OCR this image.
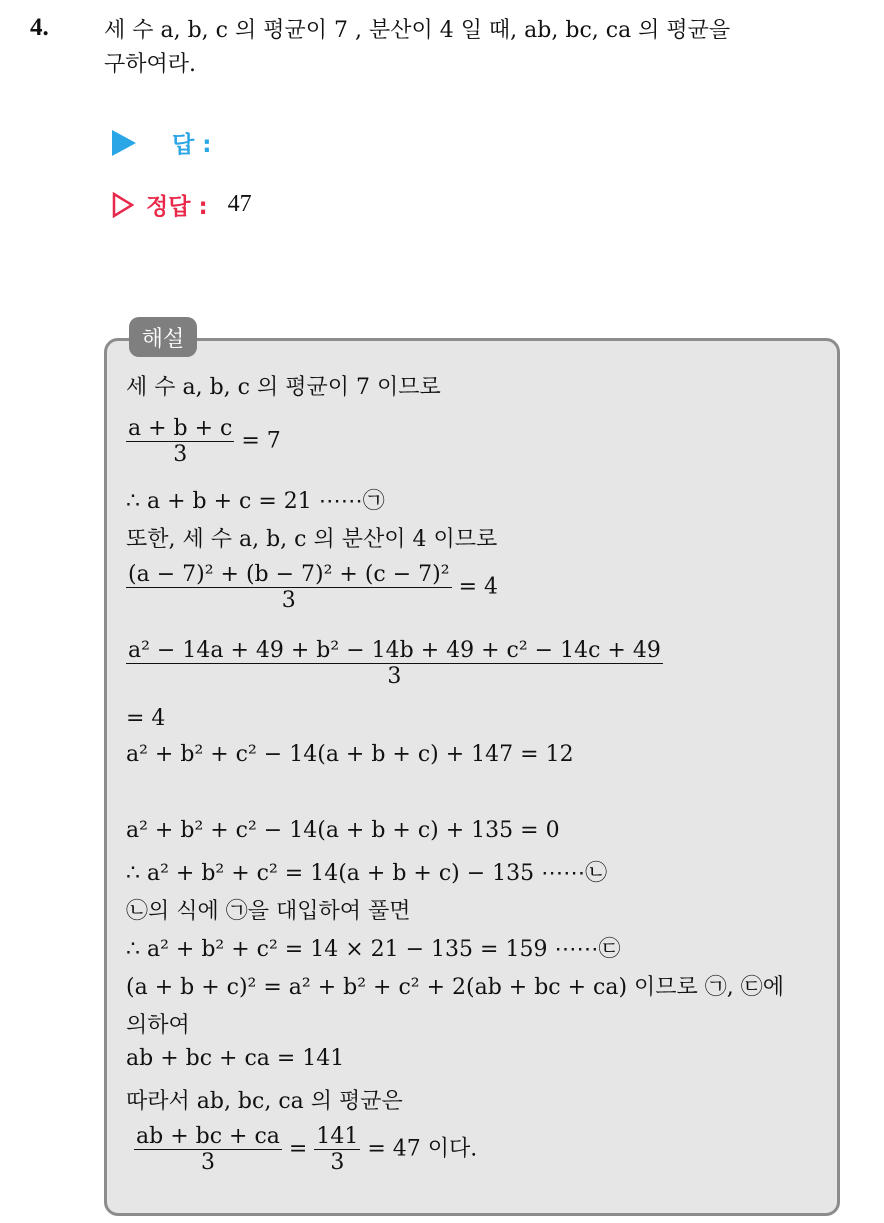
4.	세 수 a, b, c 의 평균이 7 , 분산이 4 일 때, ab, bc, ca 의 평균을
구하여라.
답 :
정답 : 47
해설
세 수 a, b, c 의 평균이 7 이므로
$\frac{a + b + c}{3} = 7$
∴ a + b + c = 21 ⋯⋯㉠
또한, 세 수 a, b, c 의 분산이 4 이므로
$\frac{\text{(a − 7)² + (b − 7)² + (c − 7)²}}{3} = 4$
$\frac{\text{a² − 14a + 49 + b² − 14b + 49 + c² − 14c + 49}}{3}$
= 4
a² + b² + c² − 14(a + b + c) + 147 = 12
a² + b² + c² − 14(a + b + c) + 135 = 0
∴ a² + b² + c² = 14(a + b + c) − 135 ⋯⋯㉡
㉡의 식에 ㉠을 대입하여 풀면
∴ a² + b² + c² = 14 × 21 − 135 = 159 ⋯⋯㉢
(a + b + c)² = a² + b² + c² + 2(ab + bc + ca) 이므로 ㉠, ㉢에
의하여
ab + bc + ca = 141
따라서 ab, bc, ca 의 평균은
$\frac{ab + bc + ca}{3} = \frac{141}{3} = 47$ 이다.
